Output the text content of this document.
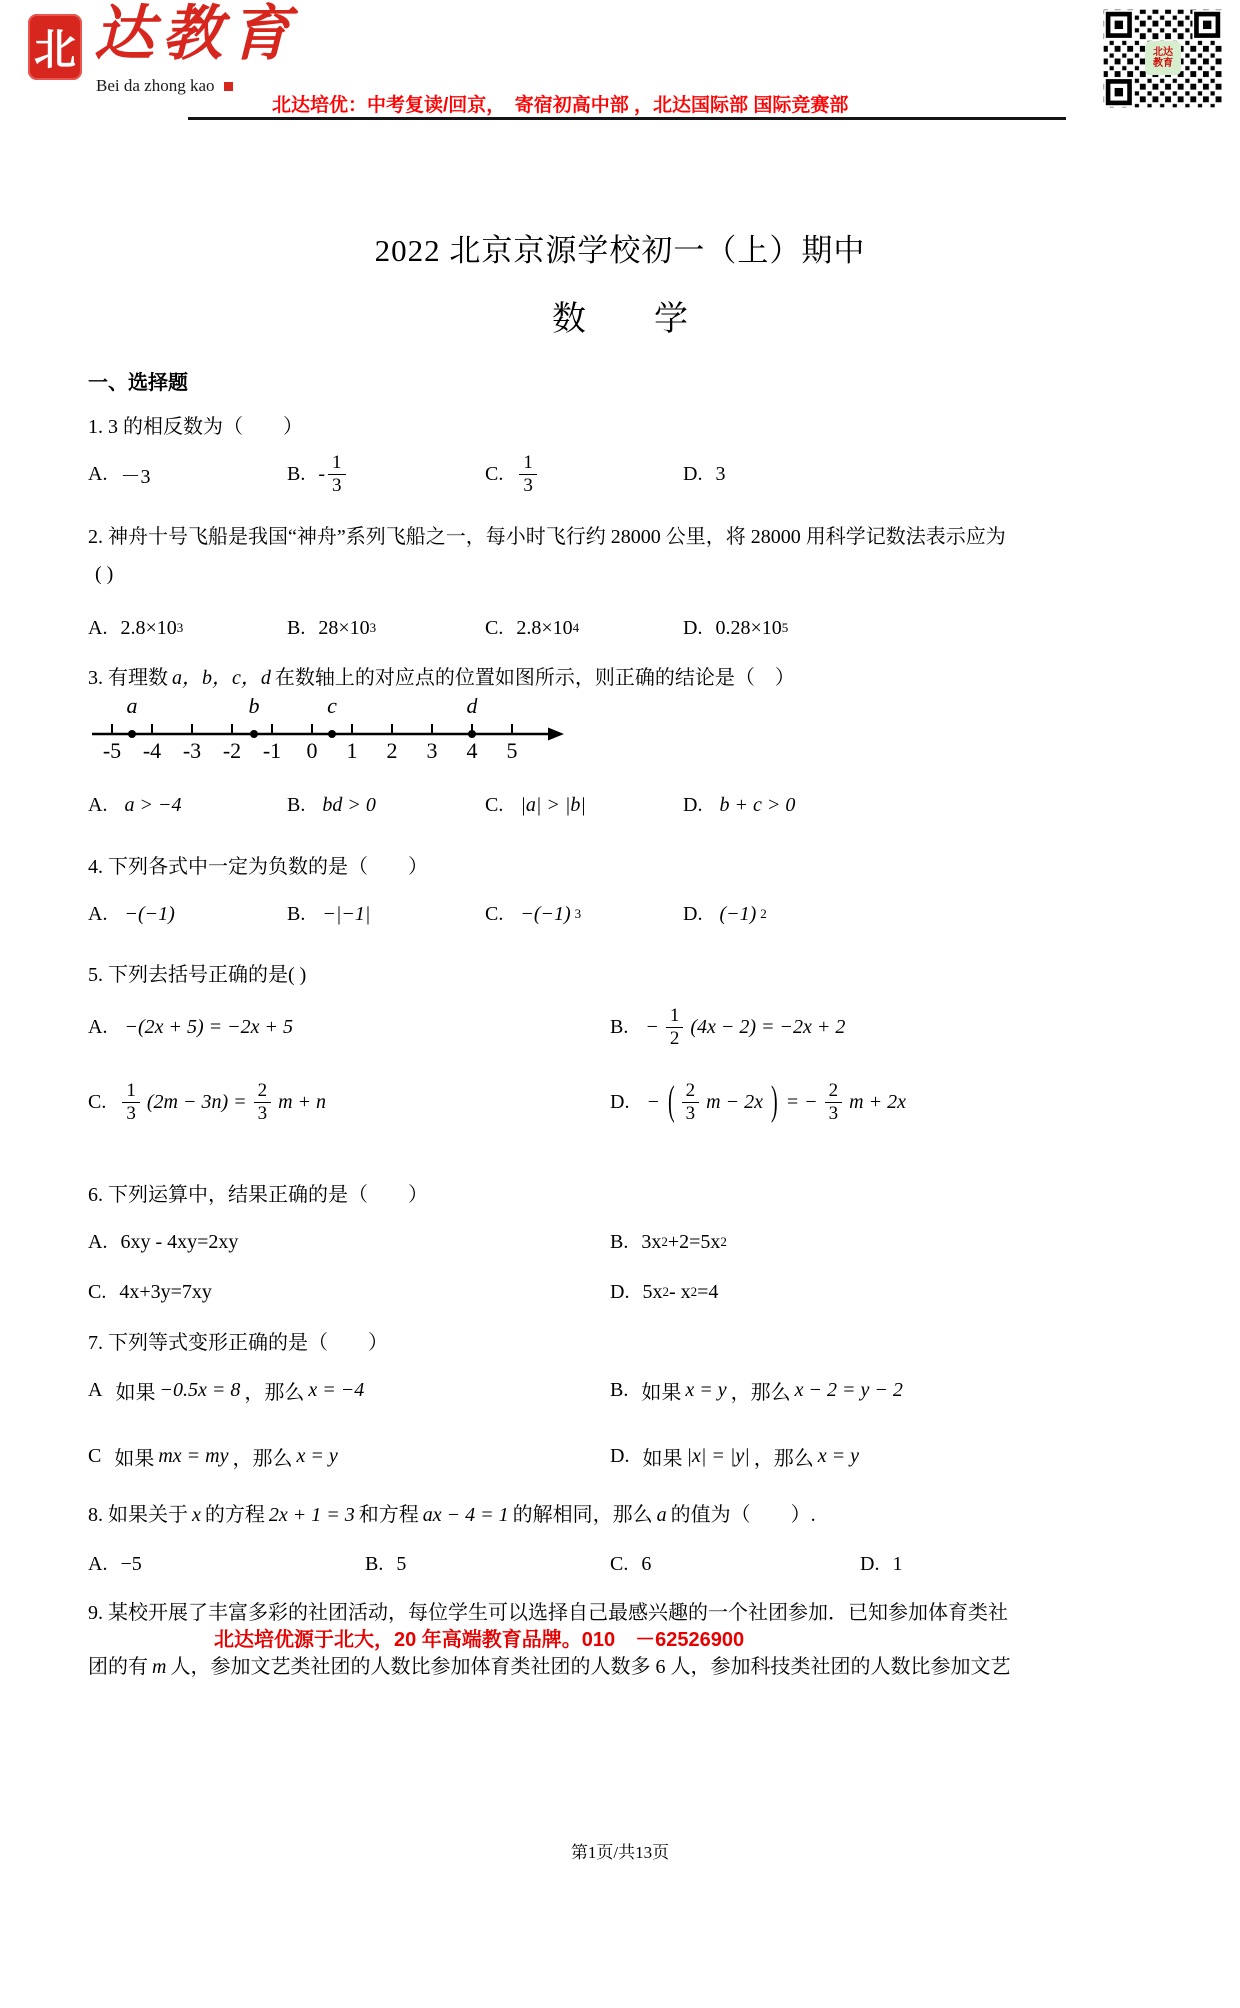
北 达教育
Bei da zhong kao
北达培优：中考复读/回京，　寄宿初高中部 ，北达国际部 国际竞赛部
北达
教育
2022 北京京源学校初一（上）期中
数　　学
一、选择题
1. 3 的相反数为（　　）
A. －3	B. - $\frac{1}{3}$	C. $\frac{1}{3}$	D. 3
2. 神舟十号飞船是我国“神舟”系列飞船之一，每小时飞行约 28000 公里，将 28000 用科学记数法表示应为
( )
A. 2.8×10 3	B. 28×10 3	C. 2.8×10 4	D. 0.28×10 5
3. 有理数 a，b，c，d 在数轴上的对应点的位置如图所示，则正确的结论是（　）
-5 -4 -3 -2 -1 0 1 2 3 4 5
a	b	c	d
A. a > −4	B. bd > 0	C. |a| > |b|	D. b + c > 0
4. 下列各式中一定为负数的是（　　）
A. −(−1)	B. −|−1|	C. −(−1) 3	D. (−1) 2
5. 下列去括号正确的是( )
A. −(2x + 5) = −2x + 5	B. − $\frac{1}{2} (4x - 2) = -2x + 2$
C. $\frac{1}{3} (2m - 3n) = \frac{2}{3}$ m + n	D. − ( $\frac{2}{3}$ m − 2x ) = − $\frac{2}{3}$ m + 2x
6. 下列运算中，结果正确的是（　　）
A. 6xy - 4xy=2xy	B. 3x 2 +2=5x 2
C. 4x+3y=7xy	D. 5x 2 - x 2 =4
7. 下列等式变形正确的是（　　）
A 如果 −0.5x = 8 ，那么 x = −4	B. 如果 x = y ，那么 x − 2 = y − 2
C 如果 mx = my ，那么 x = y	D. 如果 |x| = |y| ，那么 x = y
8. 如果关于 x 的方程 2x + 1 = 3 和方程 ax − 4 = 1 的解相同，那么 a 的值为（　　）.
A. −5	B. 5	C. 6	D. 1
9. 某校开展了丰富多彩的社团活动，每位学生可以选择自己最感兴趣的一个社团参加．已知参加体育类社
北达培优源于北大，20 年高端教育品牌。010　－62526900
团的有 m 人，参加文艺类社团的人数比参加体育类社团的人数多 6 人，参加科技类社团的人数比参加文艺
第1页/共13页
